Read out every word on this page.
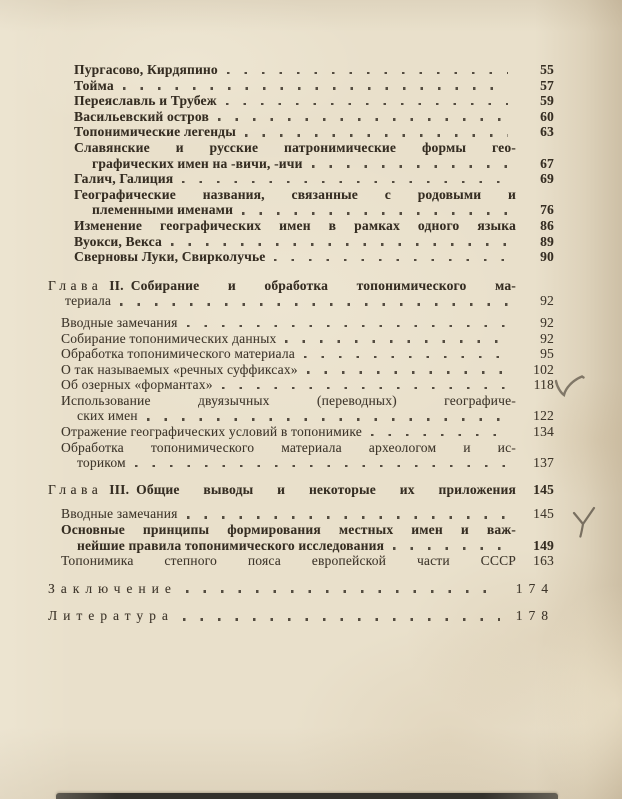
Пургасово, Кирдяпино	55
Тойма	57
Переяславль и Трубеж	59
Васильевский остров	60
Топонимические легенды	63
Славянские и русские патронимические формы гео-
графических имен на -вичи, -ичи	67
Галич, Галиция	69
Географические названия, связанные с родовыми и
племенными именами	76
Изменение географических имен в рамках одного языка	86
Вуокси, Векса	89
Сверновы Луки, Свирколучье	90
Глава II. Собирание и обработка топонимического ма-
териала	92
Вводные замечания	92
Собирание топонимических данных	92
Обработка топонимического материала	95
О так называемых «речных суффиксах»	102
Об озерных «формантах»	118
Использование двуязычных (переводных) географиче-
ских имен	122
Отражение географических условий в топонимике	134
Обработка топонимического материала археологом и ис-
ториком	137
Глава III. Общие выводы и некоторые их приложения	145
Вводные замечания	145
Основные принципы формирования местных имен и важ-
нейшие правила топонимического исследования	149
Топонимика степного пояса европейской части СССР	163
Заключение	174
Литература	178
